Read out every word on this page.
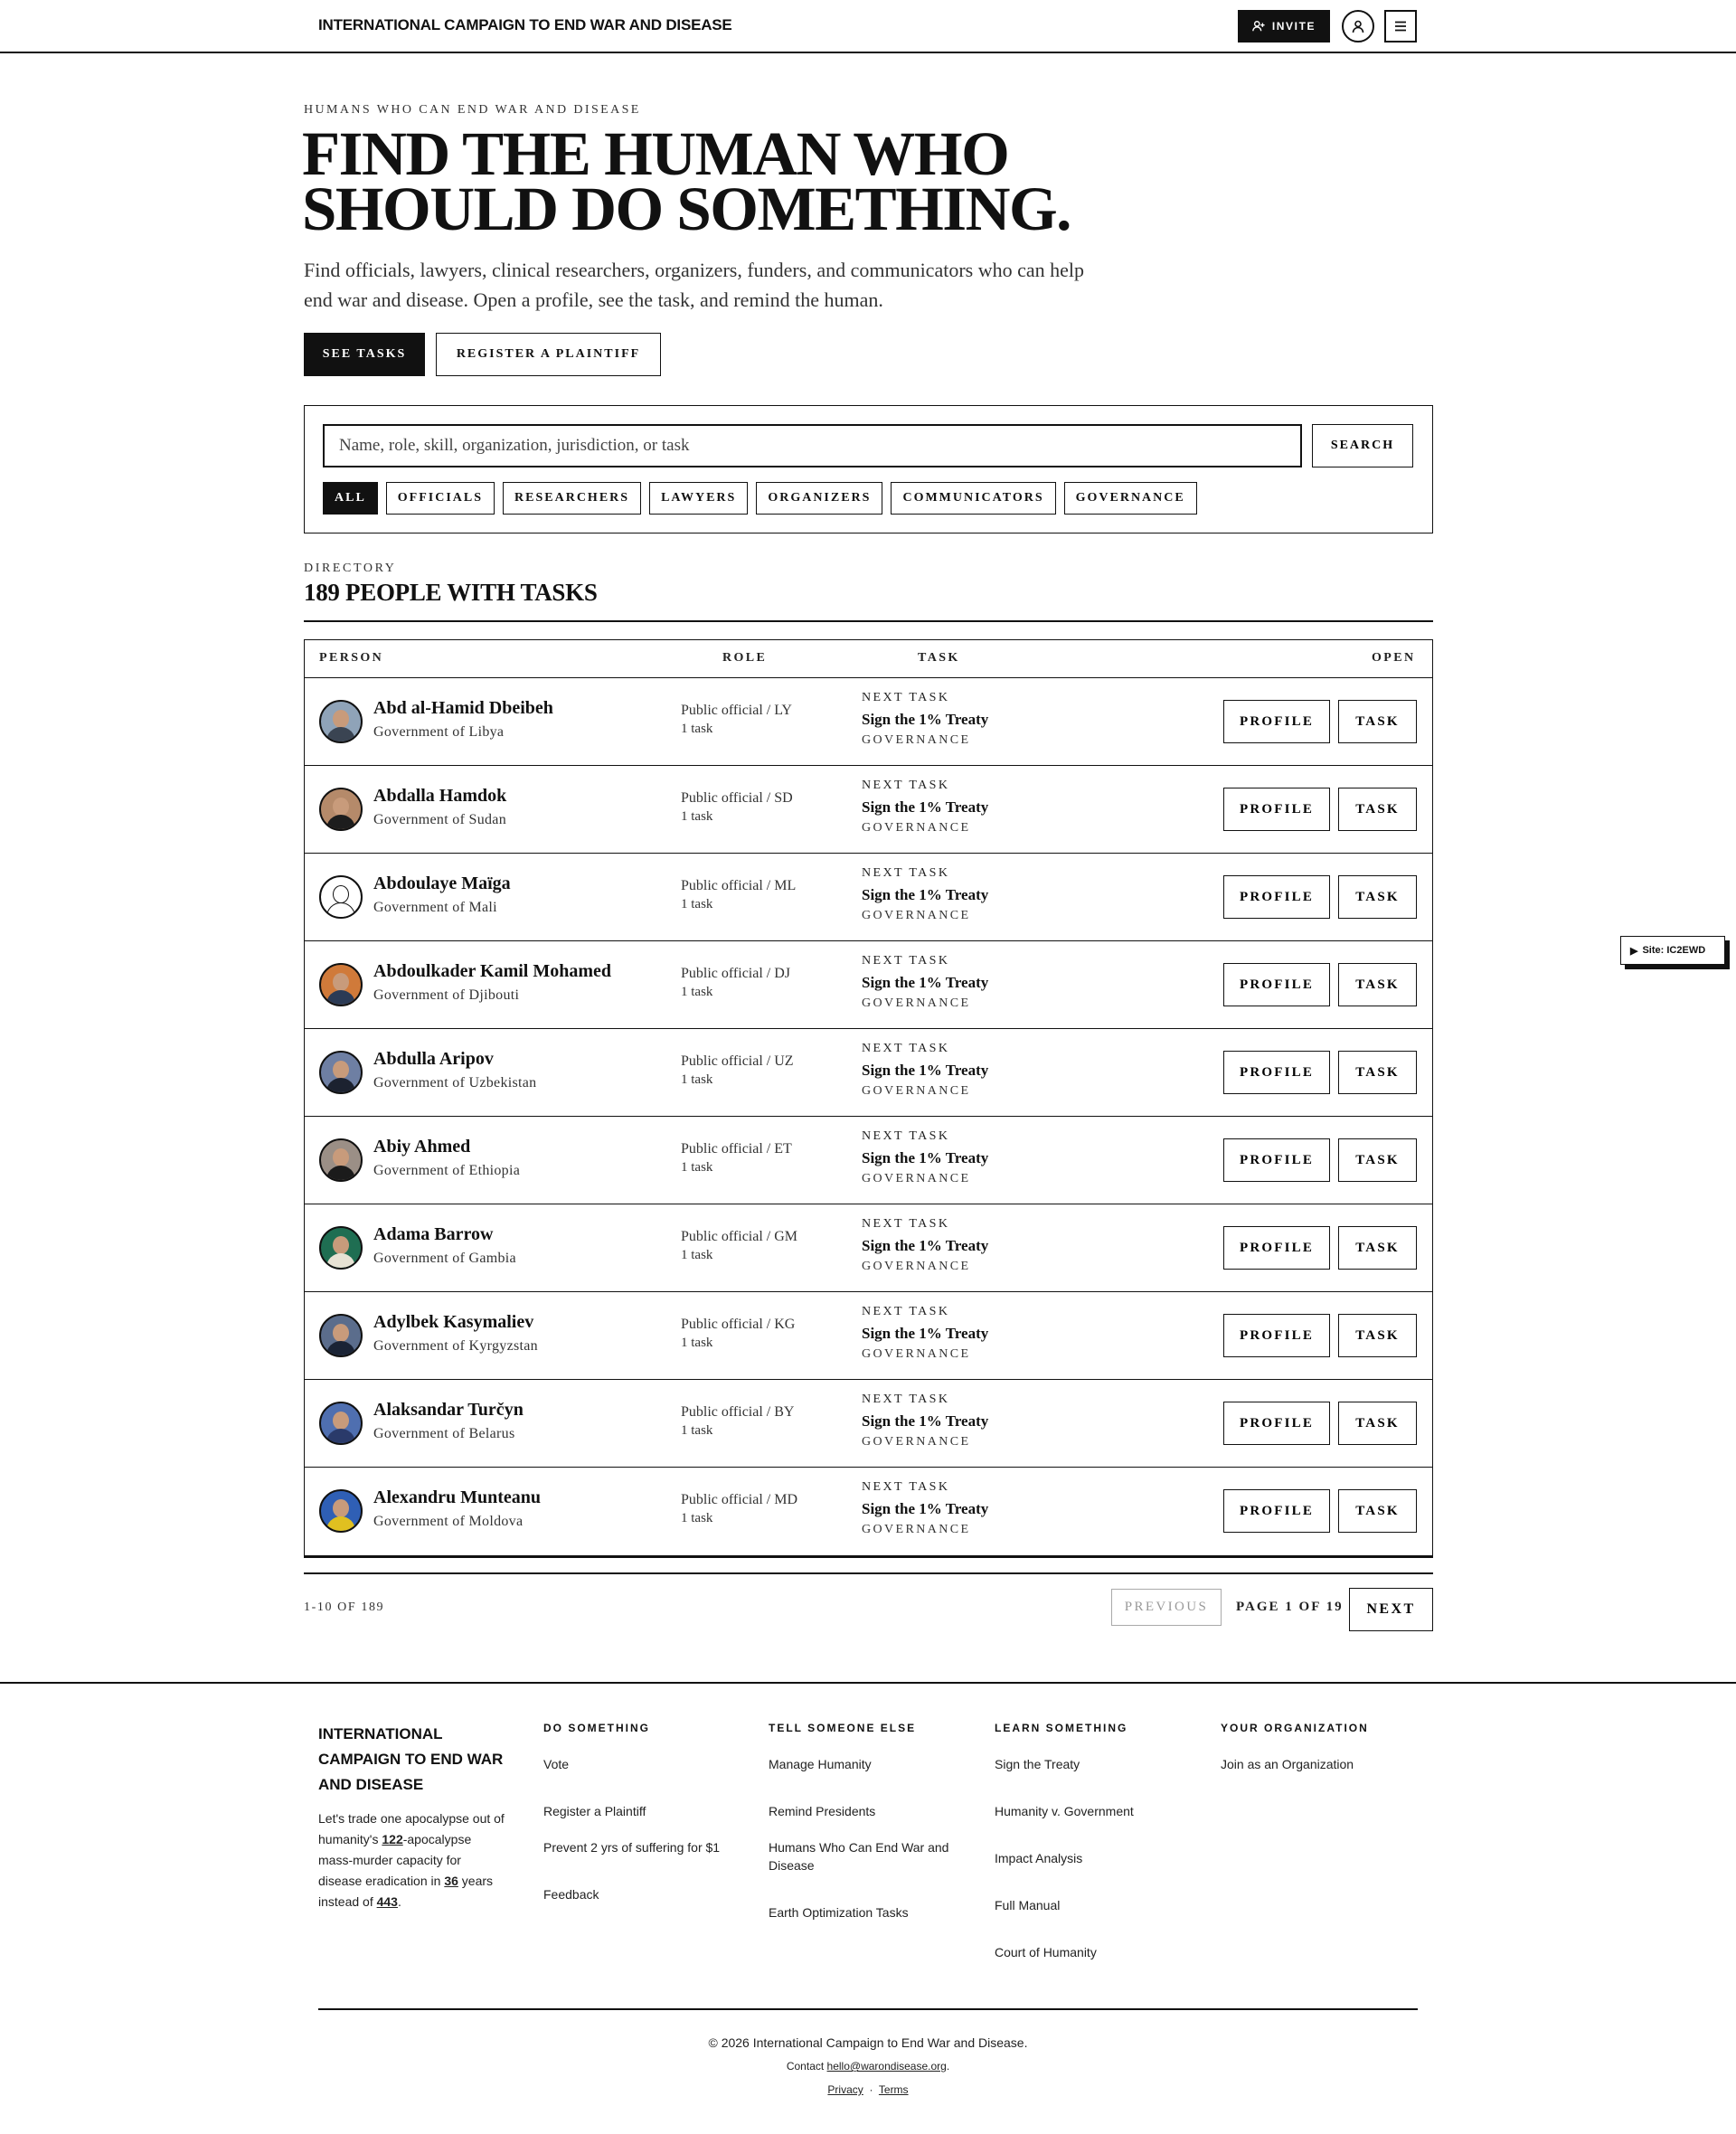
INTERNATIONAL CAMPAIGN TO END WAR AND DISEASE	INVITE
HUMANS WHO CAN END WAR AND DISEASE
FIND THE HUMAN WHO
SHOULD DO SOMETHING.

Find officials, lawyers, clinical researchers, organizers, funders, and communicators who can help end war and disease. Open a profile, see the task, and remind the human.

SEE TASKS	REGISTER A PLAINTIFF
Name, role, skill, organization, jurisdiction, or task
SEARCH
ALL	OFFICIALS	RESEARCHERS	LAWYERS	ORGANIZERS	COMMUNICATORS	GOVERNANCE
DIRECTORY
189 PEOPLE WITH TASKS
PERSON	ROLE	TASK	OPEN
Abd al-Hamid Dbeibeh
Government of Libya
Public official / LY
1 task
NEXT TASK
Sign the 1% Treaty
GOVERNANCE
PROFILE	TASK
Abdalla Hamdok
Government of Sudan
Public official / SD
1 task
NEXT TASK
Sign the 1% Treaty
GOVERNANCE
PROFILE	TASK
Abdoulaye Maïga
Government of Mali
Public official / ML
1 task
NEXT TASK
Sign the 1% Treaty
GOVERNANCE
PROFILE	TASK
Abdoulkader Kamil Mohamed
Government of Djibouti
Public official / DJ
1 task
NEXT TASK
Sign the 1% Treaty
GOVERNANCE
PROFILE	TASK
Abdulla Aripov
Government of Uzbekistan
Public official / UZ
1 task
NEXT TASK
Sign the 1% Treaty
GOVERNANCE
PROFILE	TASK
Abiy Ahmed
Government of Ethiopia
Public official / ET
1 task
NEXT TASK
Sign the 1% Treaty
GOVERNANCE
PROFILE	TASK
Adama Barrow
Government of Gambia
Public official / GM
1 task
NEXT TASK
Sign the 1% Treaty
GOVERNANCE
PROFILE	TASK
Adylbek Kasymaliev
Government of Kyrgyzstan
Public official / KG
1 task
NEXT TASK
Sign the 1% Treaty
GOVERNANCE
PROFILE	TASK
Alaksandar Turčyn
Government of Belarus
Public official / BY
1 task
NEXT TASK
Sign the 1% Treaty
GOVERNANCE
PROFILE	TASK
Alexandru Munteanu
Government of Moldova
Public official / MD
1 task
NEXT TASK
Sign the 1% Treaty
GOVERNANCE
PROFILE	TASK
1-10 OF 189	PREVIOUS	PAGE 1 OF 19	NEXT
▶ Site: IC2EWD
INTERNATIONAL CAMPAIGN TO END WAR AND DISEASE
Let's trade one apocalypse out of humanity's 122-apocalypse mass-murder capacity for disease eradication in 36 years instead of 443.
DO SOMETHING
Vote
Register a Plaintiff
Prevent 2 yrs of suffering for $1
Feedback
TELL SOMEONE ELSE
Manage Humanity
Remind Presidents
Humans Who Can End War and Disease
Earth Optimization Tasks
LEARN SOMETHING
Sign the Treaty
Humanity v. Government
Impact Analysis
Full Manual
Court of Humanity
YOUR ORGANIZATION
Join as an Organization
© 2026 International Campaign to End War and Disease.
Contact hello@warondisease.org.
Privacy · Terms
